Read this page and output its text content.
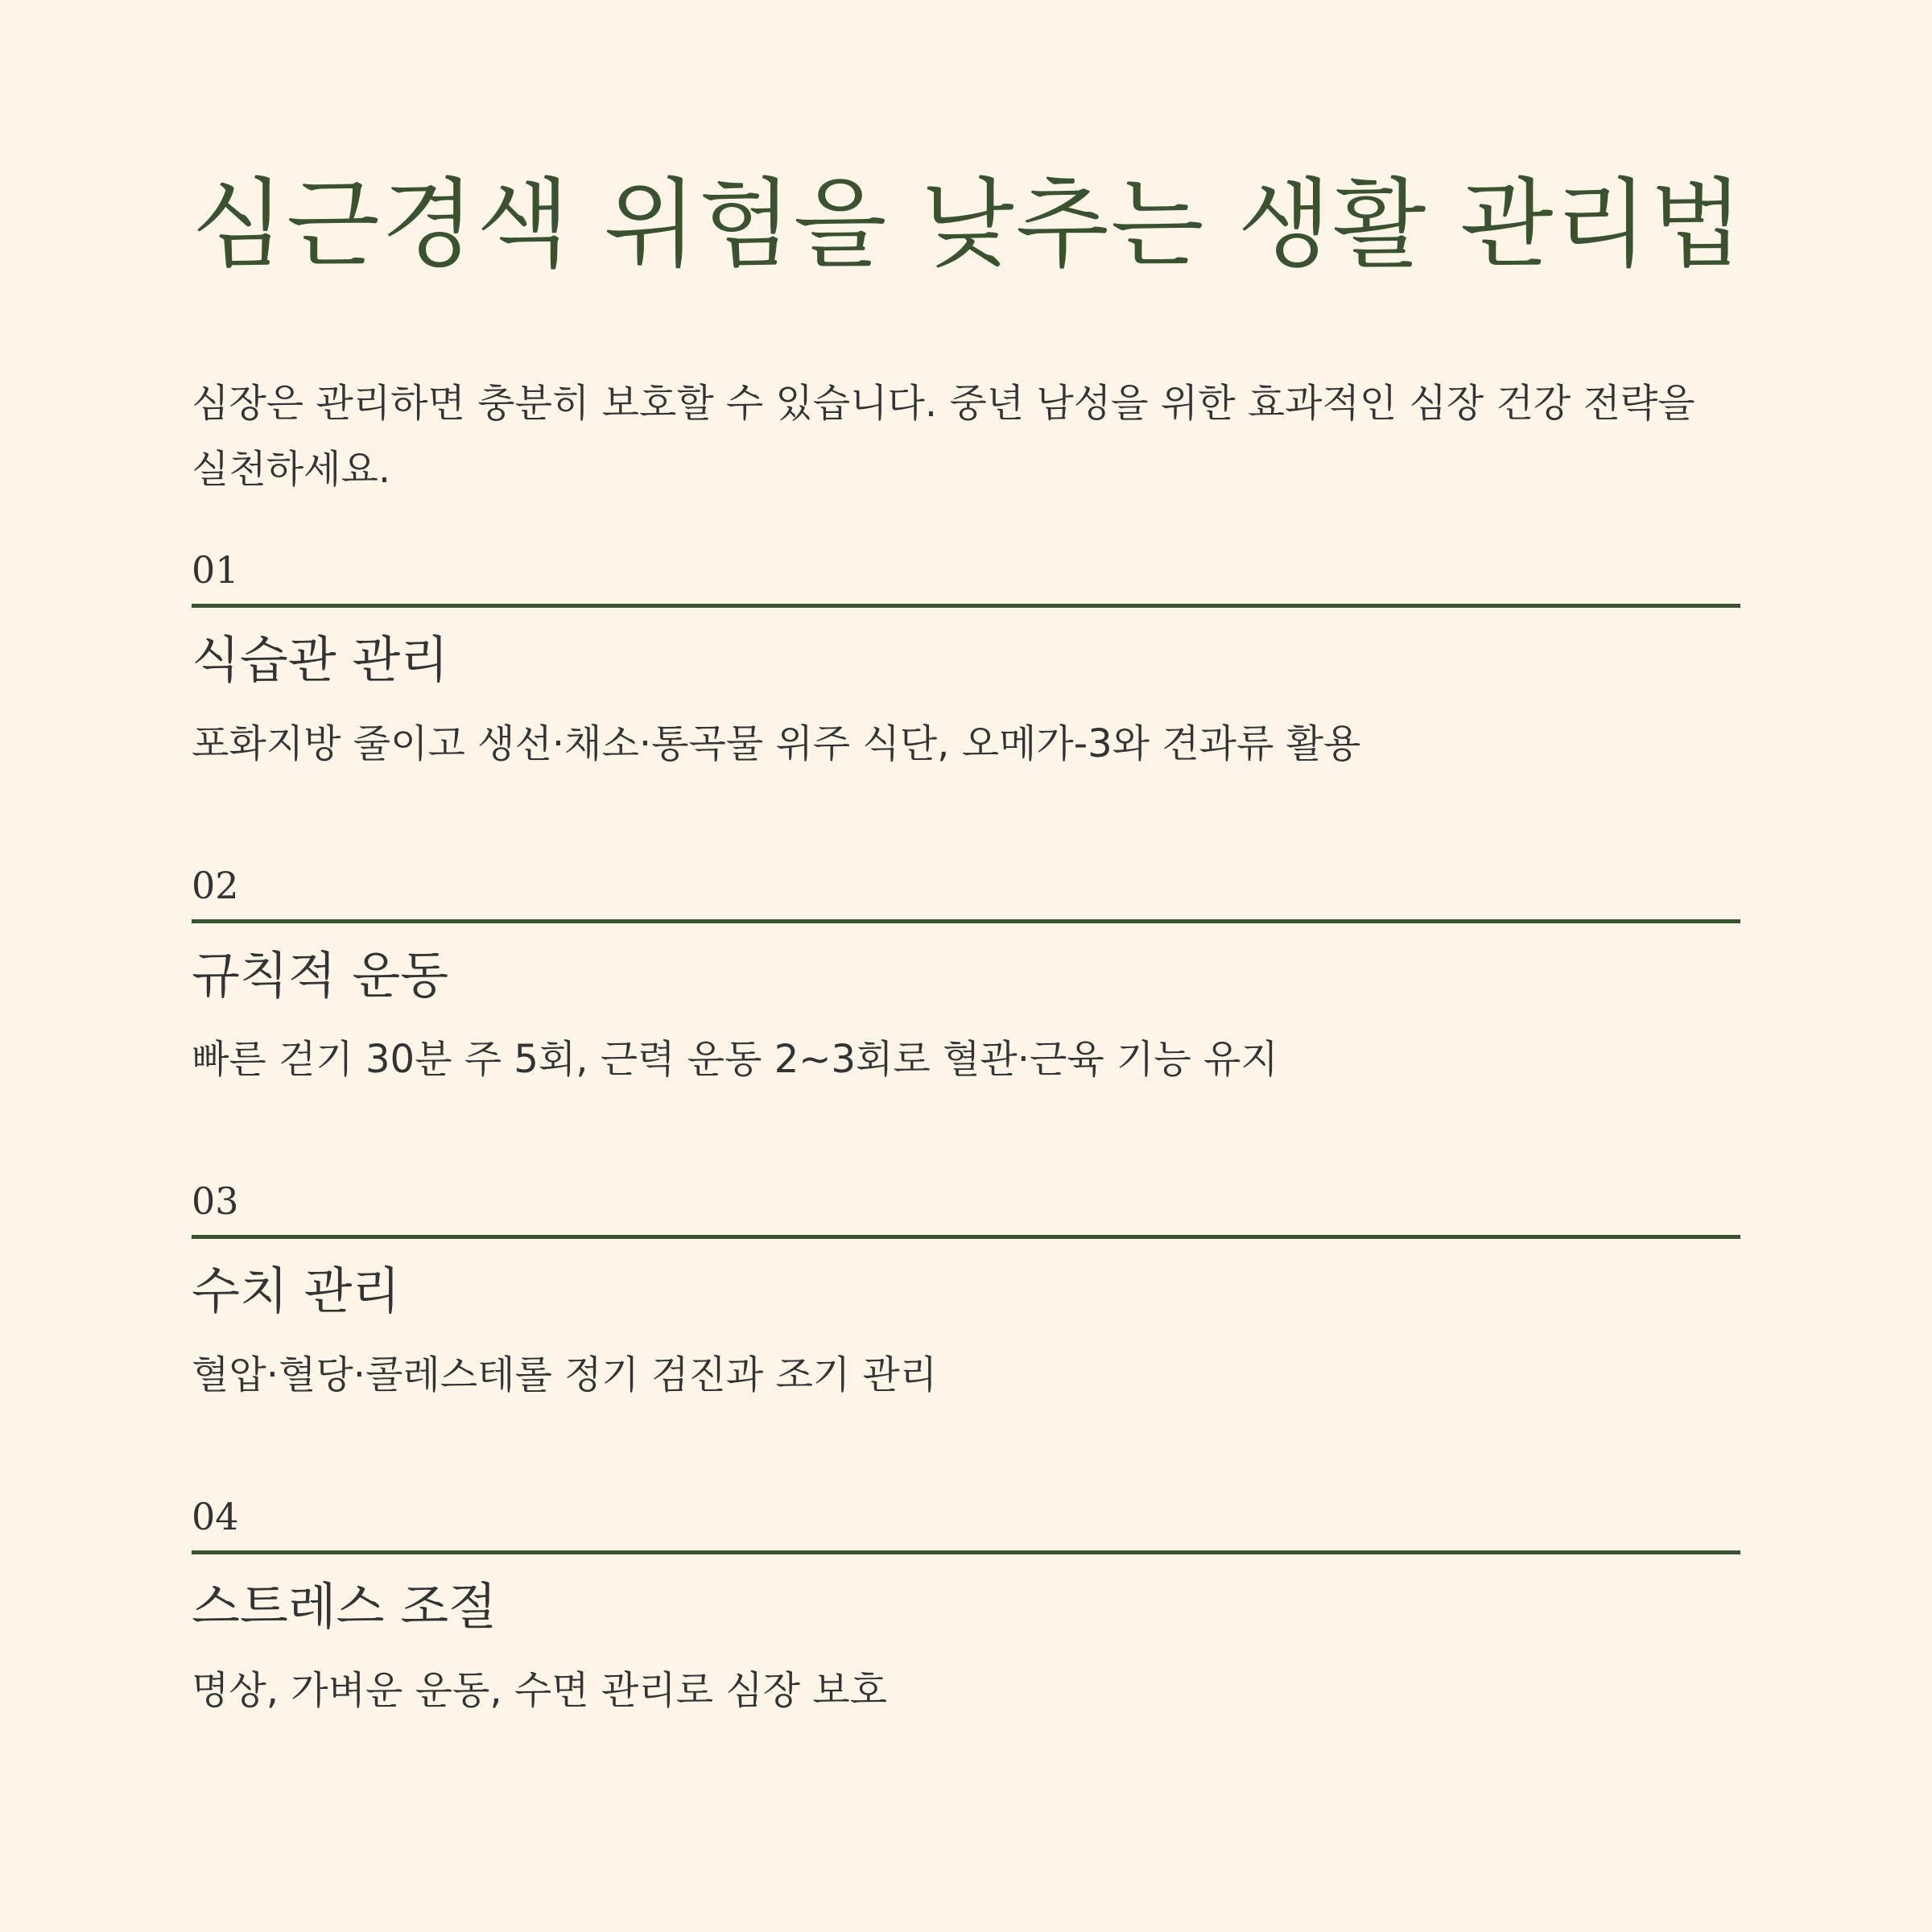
심근경색 위험을 낮추는 생활 관리법

심장은 관리하면 충분히 보호할 수 있습니다. 중년 남성을 위한 효과적인 심장 건강 전략을 실천하세요.

01
식습관 관리

포화지방 줄이고 생선·채소·통곡물 위주 식단, 오메가-3와 견과류 활용

02
규칙적 운동

빠른 걷기 30분 주 5회, 근력 운동 2~3회로 혈관·근육 기능 유지

03
수치 관리

혈압·혈당·콜레스테롤 정기 검진과 조기 관리

04
스트레스 조절

명상, 가벼운 운동, 수면 관리로 심장 보호
